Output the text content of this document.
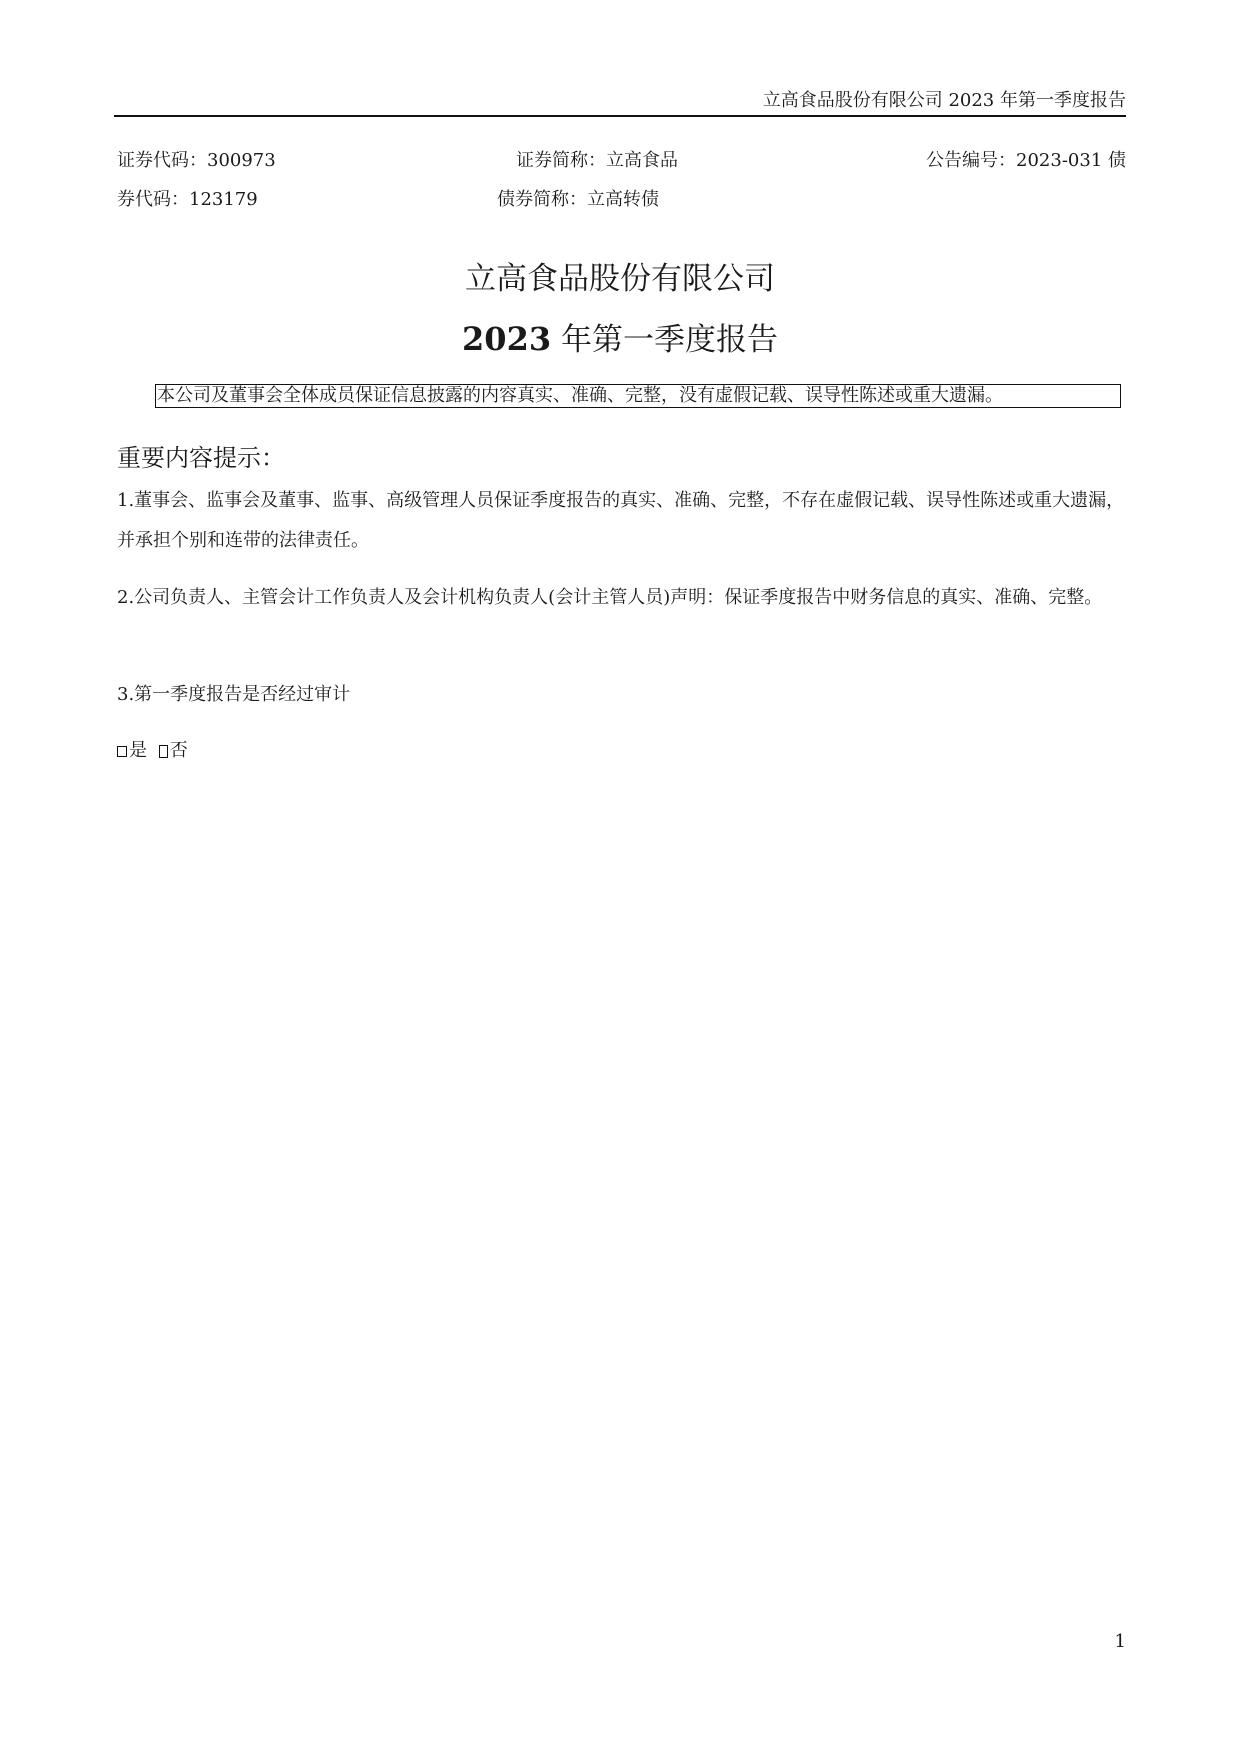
立高食品股份有限公司 2023 年第一季度报告
证券代码：300973	证券简称：立高食品	公告编号：2023-031 债
券代码：123179	债券简称：立高转债
立高食品股份有限公司
2023 年第一季度报告
本公司及董事会全体成员保证信息披露的内容真实、准确、完整，没有虚假记载、误导性陈述或重大遗漏。
重要内容提示：
1.董事会、监事会及董事、监事、高级管理人员保证季度报告的真实、准确、完整，不存在虚假记载、误导性陈述或重大遗漏，并承担个别和连带的法律责任。
2.公司负责人、主管会计工作负责人及会计机构负责人(会计主管人员)声明：保证季度报告中财务信息的真实、准确、完整。
3.第一季度报告是否经过审计
是 否
1
